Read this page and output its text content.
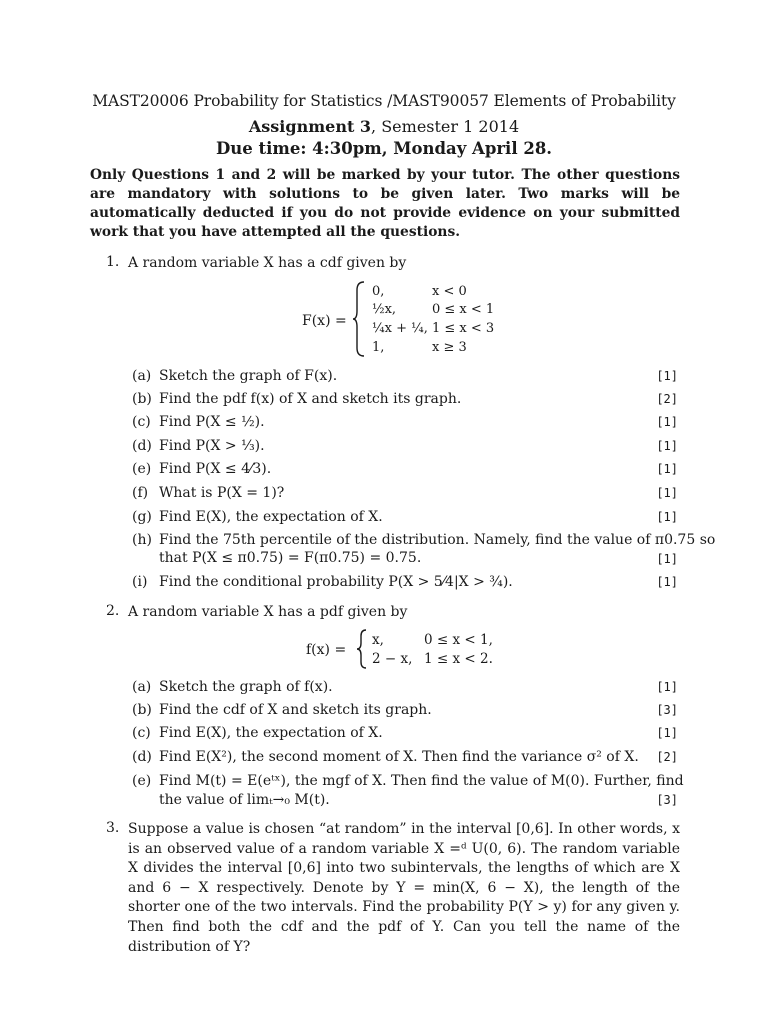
MAST20006 Probability for Statistics /MAST90057 Elements of Probability
Assignment 3, Semester 1 2014
Due time: 4:30pm, Monday April 28.
Only Questions 1 and 2 will be marked by your tutor. The other questions are mandatory with solutions to be given later. Two marks will be automatically deducted if you do not provide evidence on your submitted work that you have attempted all the questions.
1. A random variable X has a cdf given by
F(x) =
0,	x < 0
½x,	0 ≤ x < 1
¼x + ¼, 1 ≤ x < 3
1,	x ≥ 3
(a) Sketch the graph of F(x).	[1]
(b) Find the pdf f(x) of X and sketch its graph.	[2]
(c) Find P(X ≤ ½).	[1]
(d) Find P(X > ⅓).	[1]
(e) Find P(X ≤ 4⁄3).	[1]
(f) What is P(X = 1)?	[1]
(g) Find E(X), the expectation of X.	[1]
(h) Find the 75th percentile of the distribution. Namely, find the value of π0.75 so
that P(X ≤ π0.75) = F(π0.75) = 0.75.	[1]
(i) Find the conditional probability P(X > 5⁄4|X > ¾).	[1]
2. A random variable X has a pdf given by
f(x) =
x,	0 ≤ x < 1,
2 − x, 1 ≤ x < 2.
(a) Sketch the graph of f(x).	[1]
(b) Find the cdf of X and sketch its graph.	[3]
(c) Find E(X), the expectation of X.	[1]
(d) Find E(X²), the second moment of X. Then find the variance σ² of X.	[2]
(e) Find M(t) = E(eᵗˣ), the mgf of X. Then find the value of M(0). Further, find
the value of limₜ→₀ M(t).	[3]
3. Suppose a value is chosen “at random” in the interval [0,6]. In other words, x is an observed value of a random variable X =ᵈ U(0, 6). The random variable X divides the interval [0,6] into two subintervals, the lengths of which are X and 6 − X respectively. Denote by Y = min(X, 6 − X), the length of the shorter one of the two intervals. Find the probability P(Y > y) for any given y. Then find both the cdf and the pdf of Y. Can you tell the name of the distribution of Y?
